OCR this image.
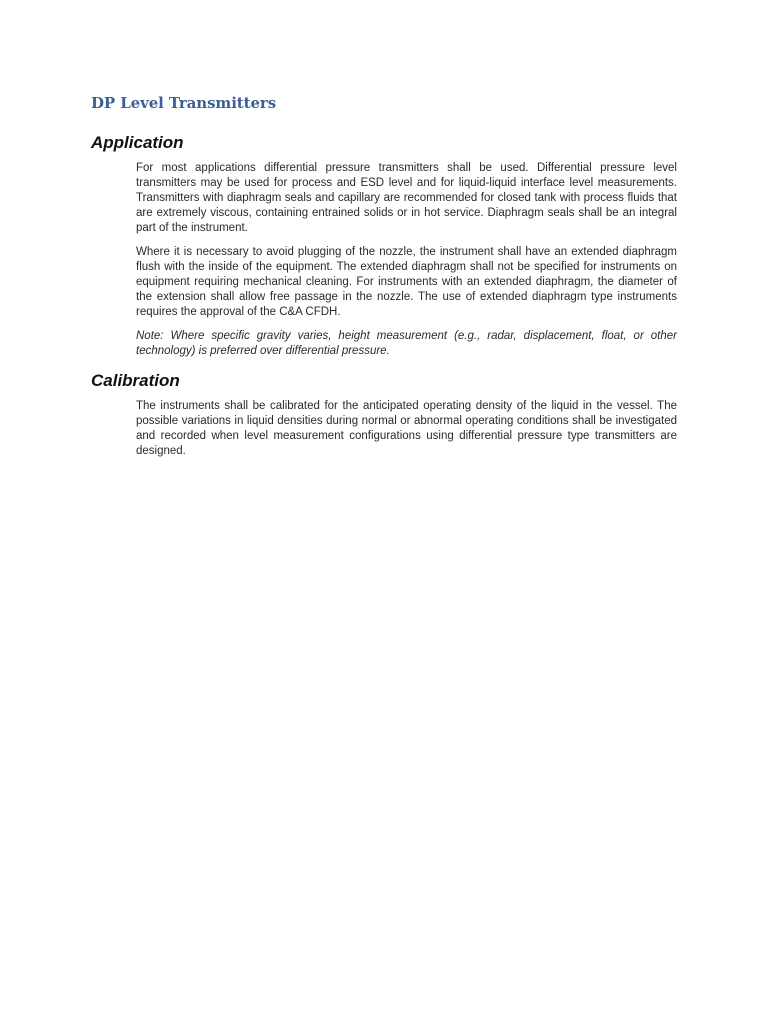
DP Level Transmitters
Application

For most applications differential pressure transmitters shall be used. Differential pressure level transmitters may be used for process and ESD level and for liquid-liquid interface level measurements. Transmitters with diaphragm seals and capillary are recommended for closed tank with process fluids that are extremely viscous, containing entrained solids or in hot service. Diaphragm seals shall be an integral part of the instrument.

Where it is necessary to avoid plugging of the nozzle, the instrument shall have an extended diaphragm flush with the inside of the equipment. The extended diaphragm shall not be specified for instruments on equipment requiring mechanical cleaning. For instruments with an extended diaphragm, the diameter of the extension shall allow free passage in the nozzle. The use of extended diaphragm type instruments requires the approval of the C&A CFDH.

Note: Where specific gravity varies, height measurement (e.g., radar, displacement, float, or other technology) is preferred over differential pressure.

Calibration

The instruments shall be calibrated for the anticipated operating density of the liquid in the vessel. The possible variations in liquid densities during normal or abnormal operating conditions shall be investigated and recorded when level measurement configurations using differential pressure type transmitters are designed.
